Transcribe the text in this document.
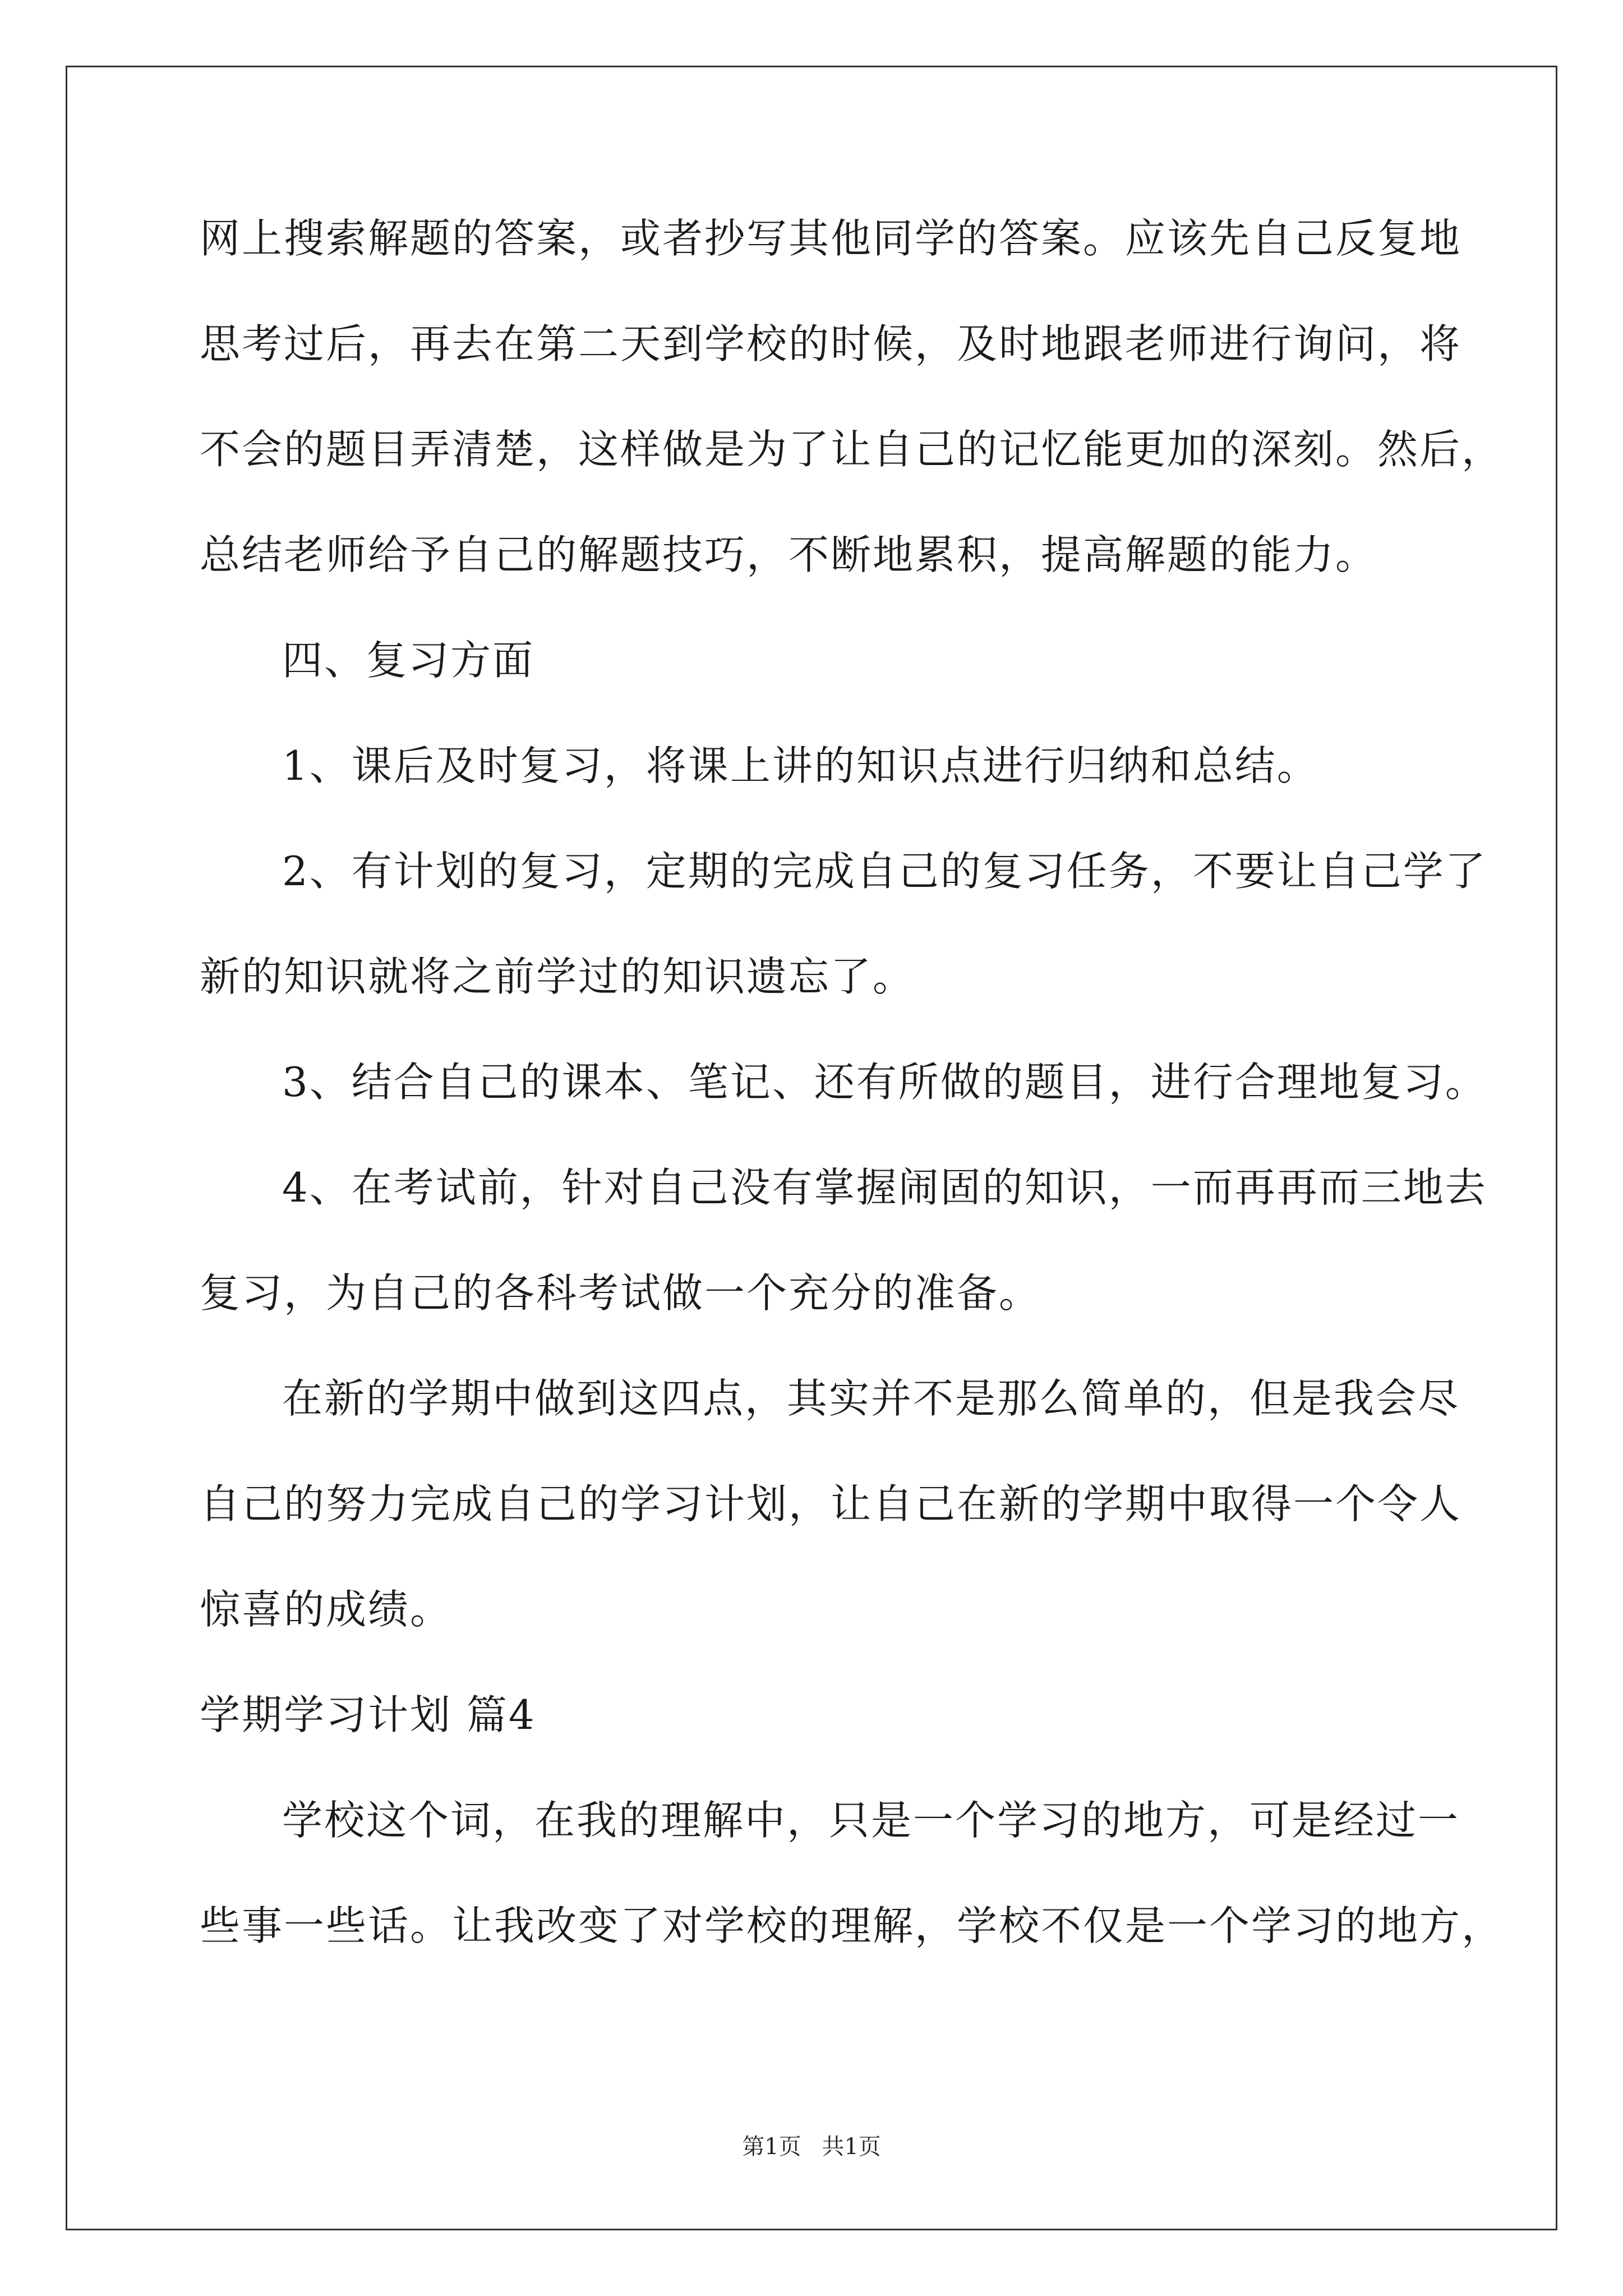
网上搜索解题的答案，或者抄写其他同学的答案。应该先自己反复地
思考过后，再去在第二天到学校的时候，及时地跟老师进行询问，将
不会的题目弄清楚，这样做是为了让自己的记忆能更加的深刻。然后，
总结老师给予自己的解题技巧，不断地累积，提高解题的能力。
四、复习方面
1、课后及时复习，将课上讲的知识点进行归纳和总结。
2、有计划的复习，定期的完成自己的复习任务，不要让自己学了
新的知识就将之前学过的知识遗忘了。
3、结合自己的课本、笔记、还有所做的题目，进行合理地复习。
4、在考试前，针对自己没有掌握闹固的知识，一而再再而三地去
复习，为自己的各科考试做一个充分的准备。
在新的学期中做到这四点，其实并不是那么简单的，但是我会尽
自己的努力完成自己的学习计划，让自己在新的学期中取得一个令人
惊喜的成绩。
学期学习计划 篇4
学校这个词，在我的理解中，只是一个学习的地方，可是经过一
些事一些话。让我改变了对学校的理解，学校不仅是一个学习的地方，
第1页 共1页
